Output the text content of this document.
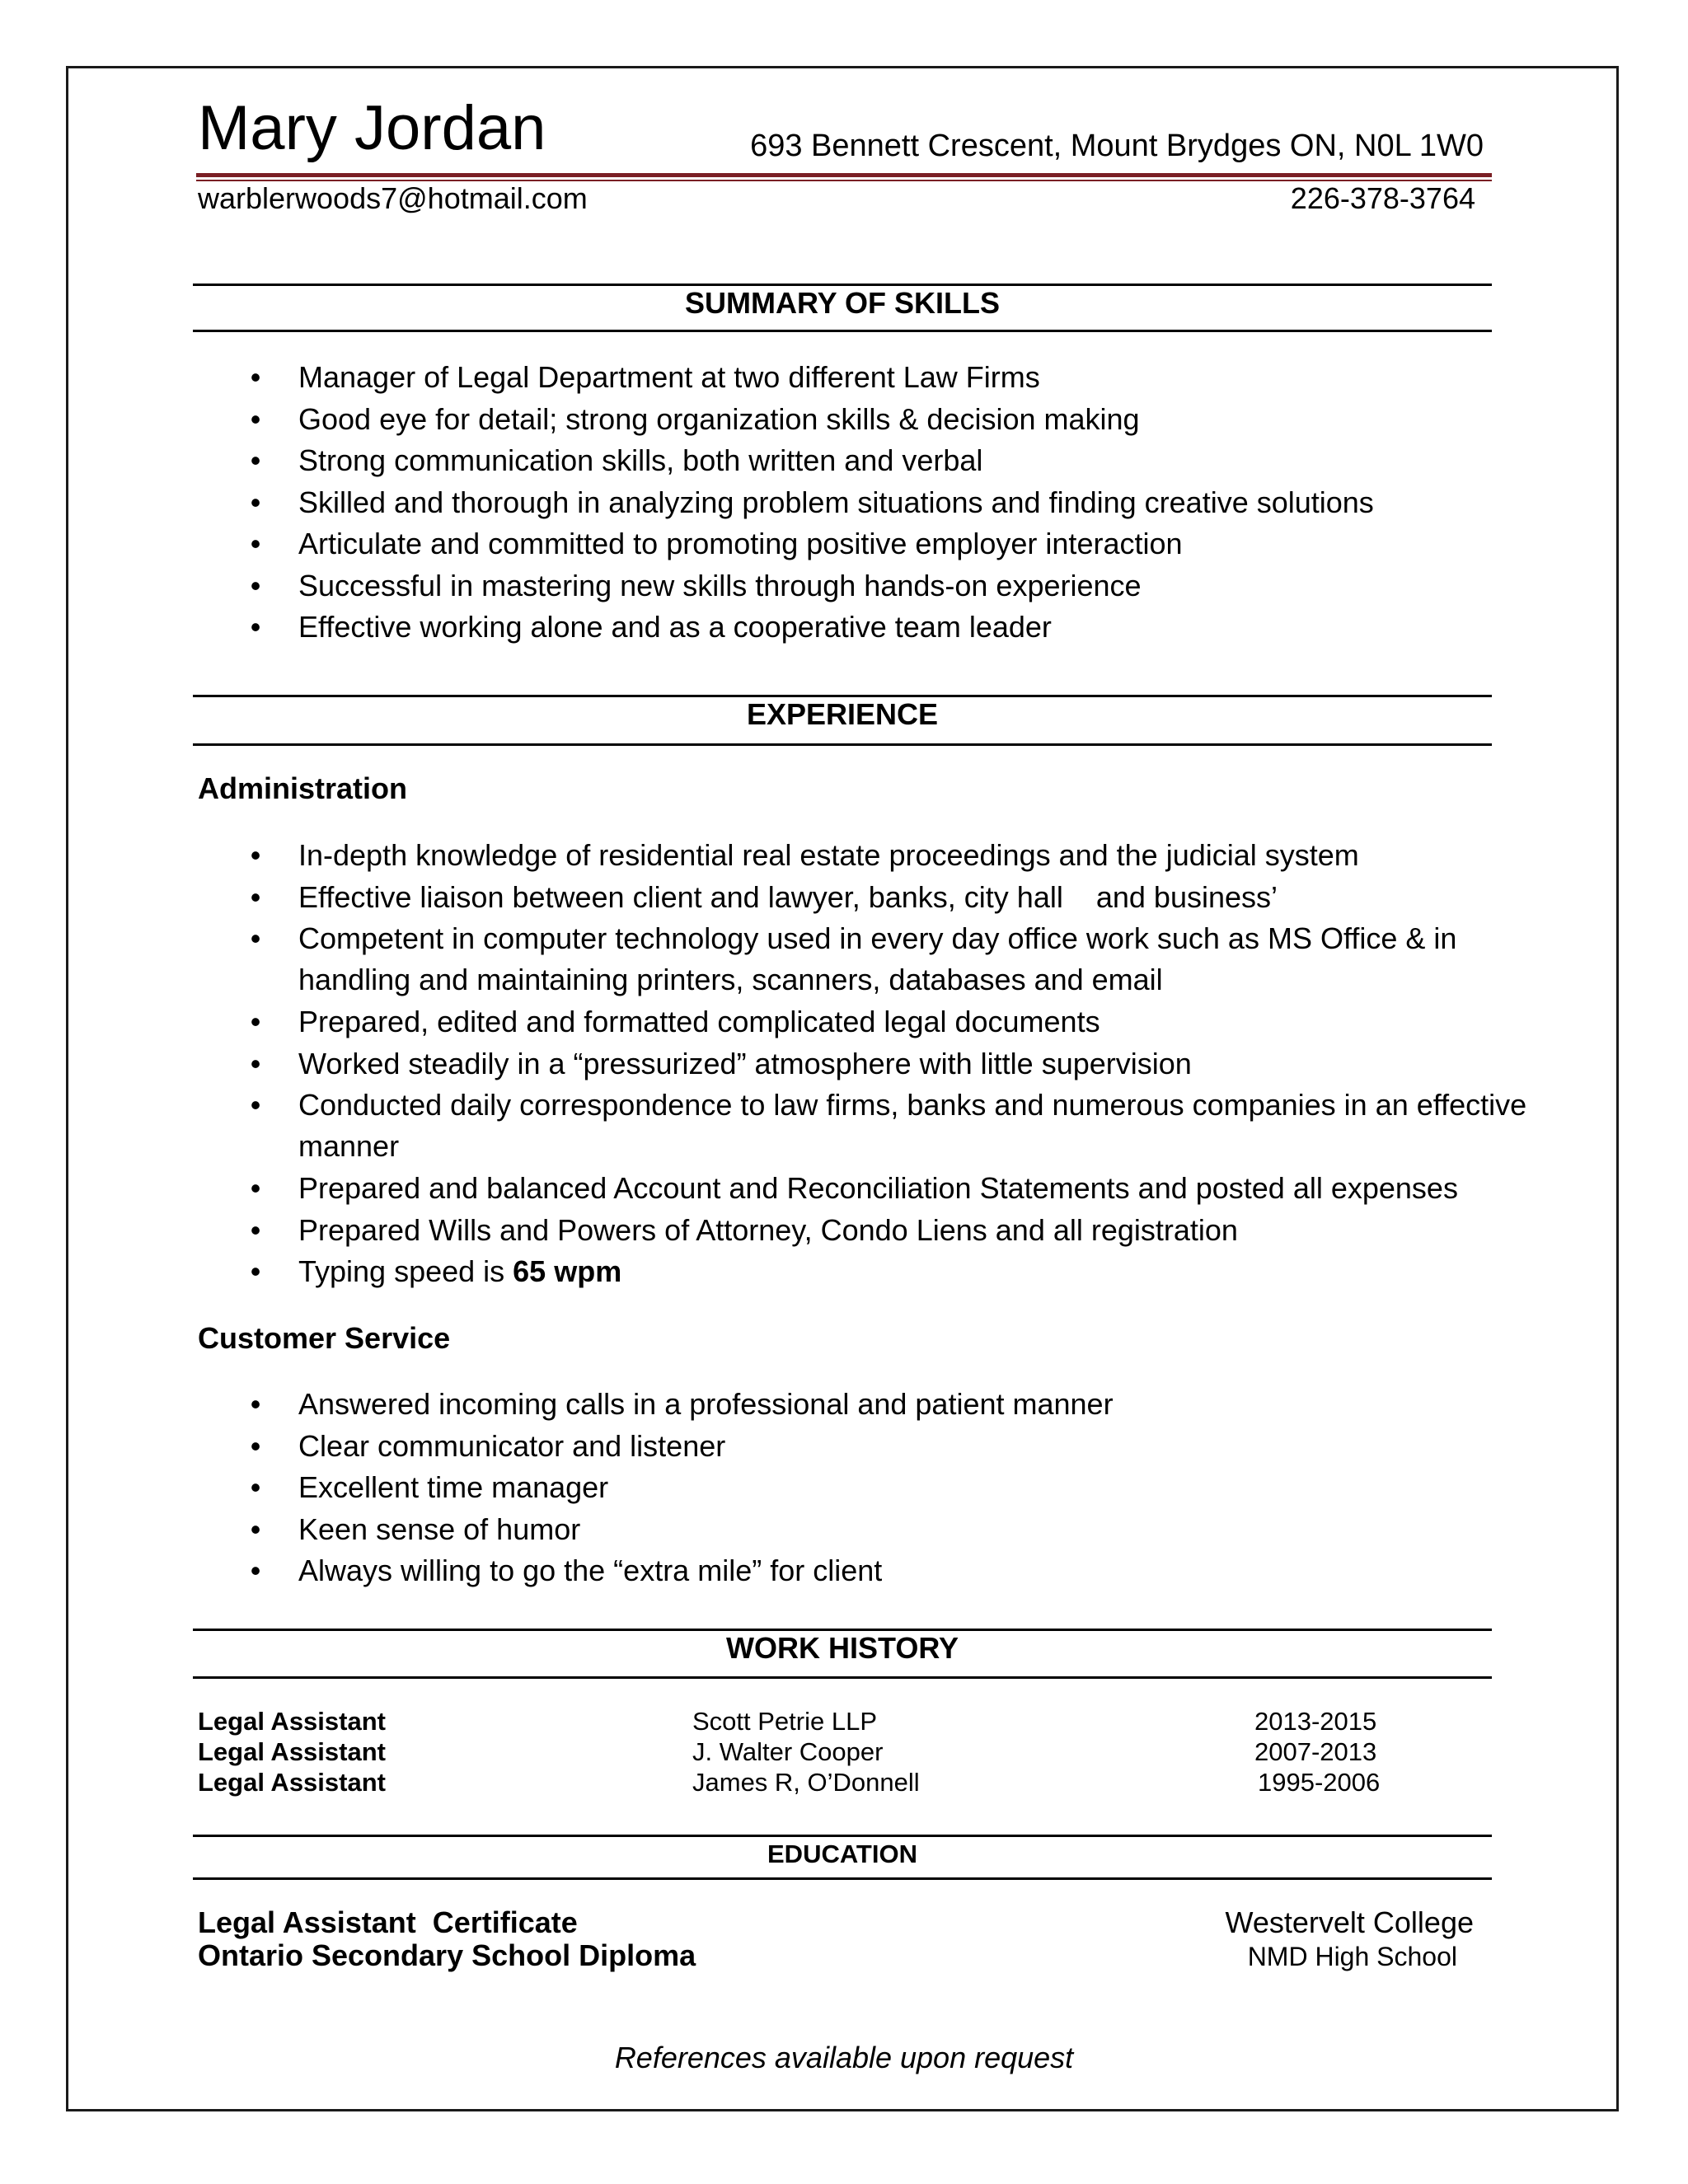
Mary Jordan	693 Bennett Crescent, Mount Brydges ON, N0L 1W0
warblerwoods7@hotmail.com	226-378-3764
SUMMARY OF SKILLS
• Manager of Legal Department at two different Law Firms
• Good eye for detail; strong organization skills & decision making
• Strong communication skills, both written and verbal
• Skilled and thorough in analyzing problem situations and finding creative solutions
• Articulate and committed to promoting positive employer interaction
• Successful in mastering new skills through hands-on experience
• Effective working alone and as a cooperative team leader
EXPERIENCE
Administration
• In-depth knowledge of residential real estate proceedings and the judicial system
• Effective liaison between client and lawyer, banks, city hall    and business’
• Competent in computer technology used in every day office work such as MS Office & in handling and maintaining printers, scanners, databases and email
• Prepared, edited and formatted complicated legal documents
• Worked steadily in a “pressurized” atmosphere with little supervision
• Conducted daily correspondence to law firms, banks and numerous companies in an effective manner
• Prepared and balanced Account and Reconciliation Statements and posted all expenses
• Prepared Wills and Powers of Attorney, Condo Liens and all registration
• Typing speed is 65 wpm
Customer Service
• Answered incoming calls in a professional and patient manner
• Clear communicator and listener
• Excellent time manager
• Keen sense of humor
• Always willing to go the “extra mile” for client
WORK HISTORY
Legal Assistant	Scott Petrie LLP	2013-2015
Legal Assistant	J. Walter Cooper	2007-2013
Legal Assistant	James R, O’Donnell	1995-2006
EDUCATION
Legal Assistant  Certificate	Westervelt College
Ontario Secondary School Diploma	NMD High School
References available upon request
